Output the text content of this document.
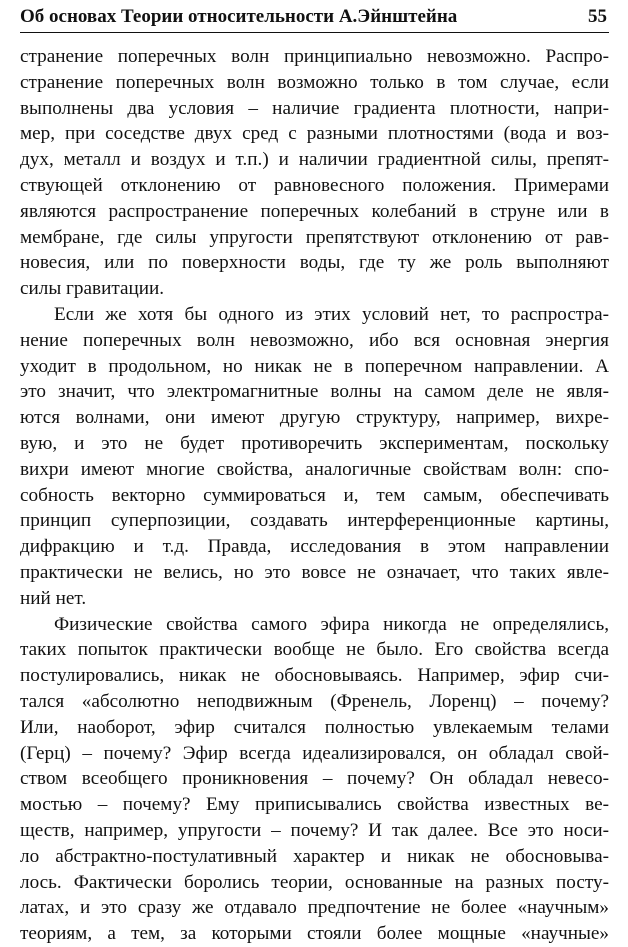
Об основах Теории относительности А.Эйнштейна	55

странение поперечных волн принципиально невозможно. Распро-
странение поперечных волн возможно только в том случае, если
выполнены два условия – наличие градиента плотности, напри-
мер, при соседстве двух сред с разными плотностями (вода и воз-
дух, металл и воздух и т.п.) и наличии градиентной силы, препят-
ствующей отклонению от равновесного положения. Примерами
являются распространение поперечных колебаний в струне или в
мембране, где силы упругости препятствуют отклонению от рав-
новесия, или по поверхности воды, где ту же роль выполняют
силы гравитации.

Если же хотя бы одного из этих условий нет, то распростра-
нение поперечных волн невозможно, ибо вся основная энергия
уходит в продольном, но никак не в поперечном направлении. А
это значит, что электромагнитные волны на самом деле не явля-
ются волнами, они имеют другую структуру, например, вихре-
вую, и это не будет противоречить экспериментам, поскольку
вихри имеют многие свойства, аналогичные свойствам волн: спо-
собность векторно суммироваться и, тем самым, обеспечивать
принцип суперпозиции, создавать интерференционные картины,
дифракцию и т.д. Правда, исследования в этом направлении
практически не велись, но это вовсе не означает, что таких явле-
ний нет.

Физические свойства самого эфира никогда не определялись,
таких попыток практически вообще не было. Его свойства всегда
постулировались, никак не обосновываясь. Например, эфир счи-
тался «абсолютно неподвижным (Френель, Лоренц) – почему?
Или, наоборот, эфир считался полностью увлекаемым телами
(Герц) – почему? Эфир всегда идеализировался, он обладал свой-
ством всеобщего проникновения – почему? Он обладал невесо-
мостью – почему? Ему приписывались свойства известных ве-
ществ, например, упругости – почему? И так далее. Все это носи-
ло абстрактно-постулативный характер и никак не обосновыва-
лось. Фактически боролись теории, основанные на разных посту-
латах, и это сразу же отдавало предпочтение не более «научным»
теориям, а тем, за которыми стояли более мощные «научные»
